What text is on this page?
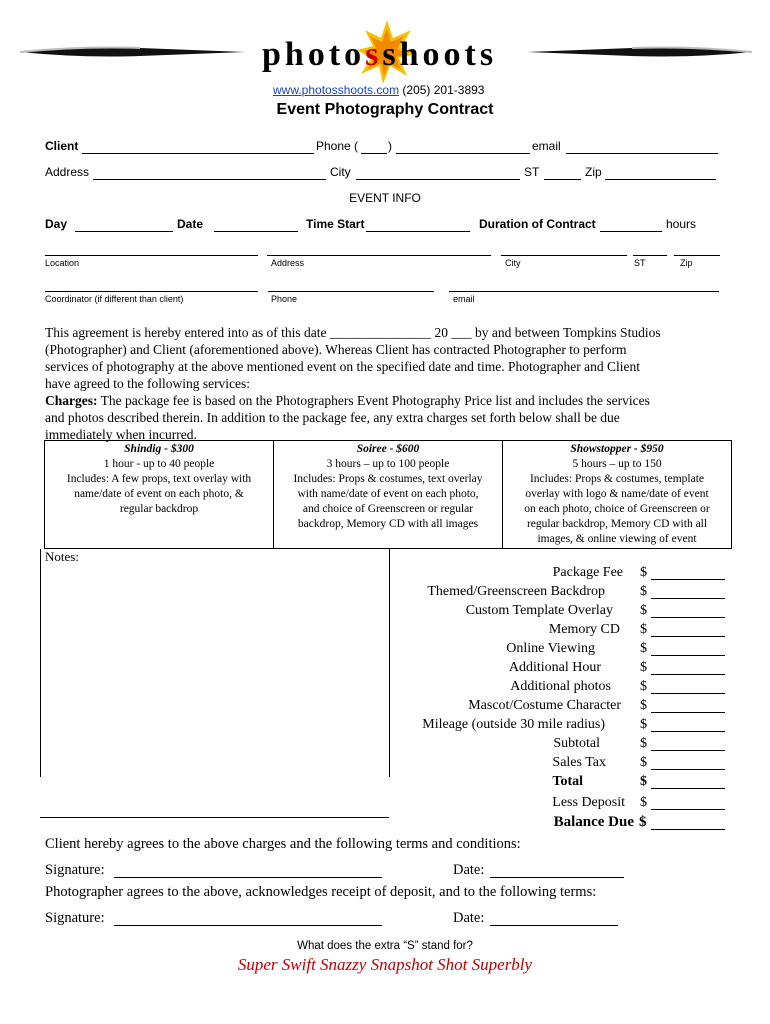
photosshoots
www.photosshoots.com (205) 201-3893
Event Photography Contract
Client	Phone ( )	email
Address	City	ST	Zip
EVENT INFO
Day	Date	Time Start	Duration of Contract	hours
Location	Address	City	ST	Zip
Coordinator (if different than client)	Phone	email
This agreement is hereby entered into as of this date _______________ 20 ___ by and between Tompkins Studios
(Photographer) and Client (aforementioned above). Whereas Client has contracted Photographer to perform
services of photography at the above mentioned event on the specified date and time. Photographer and Client
have agreed to the following services:
Charges: The package fee is based on the Photographers Event Photography Price list and includes the services
and photos described therein. In addition to the package fee, any extra charges set forth below shall be due
immediately when incurred.
Shindig - $300
1 hour - up to 40 people
Includes: A few props, text overlay with
name/date of event on each photo, &
regular backdrop

Soiree - $600
3 hours – up to 100 people
Includes: Props & costumes, text overlay
with name/date of event on each photo,
and choice of Greenscreen or regular
backdrop, Memory CD with all images

Showstopper - $950
5 hours – up to 150
Includes: Props & costumes, template
overlay with logo & name/date of event
on each photo, choice of Greenscreen or
regular backdrop, Memory CD with all
images, & online viewing of event
Notes:
Package Fee $
Themed/Greenscreen Backdrop	$
Custom Template Overlay $
Memory CD $
Online Viewing	$
Additional Hour	$
Additional photos $
Mascot/Costume Character $
Mileage (outside 30 mile radius)	$
Subtotal	$
Sales Tax $
Total	$
Less Deposit $
Balance Due $
Client hereby agrees to the above charges and the following terms and conditions:
Signature:	Date:
Photographer agrees to the above, acknowledges receipt of deposit, and to the following terms:
Signature:	Date:
What does the extra “S” stand for?
Super Swift Snazzy Snapshot Shot Superbly
